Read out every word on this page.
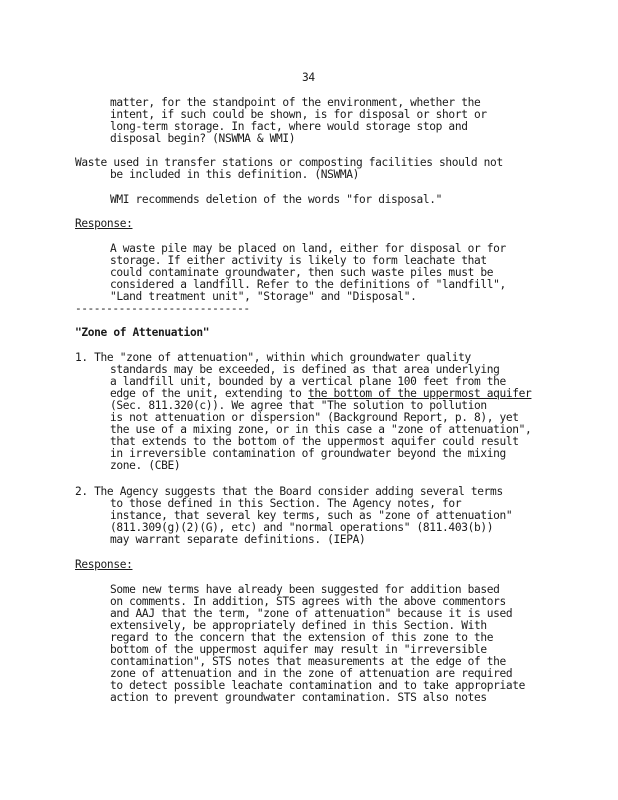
34
matter, for the standpoint of the environment, whether the
intent, if such could be shown, is for disposal or short or
long-term storage. In fact, where would storage stop and
disposal begin? (NSWMA & WMI)
Waste used in transfer stations or composting facilities should not
be included in this definition. (NSWMA)
WMI recommends deletion of the words "for disposal."
Response:
A waste pile may be placed on land, either for disposal or for
storage. If either activity is likely to form leachate that
could contaminate groundwater, then such waste piles must be
considered a landfill. Refer to the definitions of "landfill",
"Land treatment unit", "Storage" and "Disposal".
----------------------------
"Zone of Attenuation"
1. The "zone of attenuation", within which groundwater quality
standards may be exceeded, is defined as that area underlying
a landfill unit, bounded by a vertical plane 100 feet from the
edge of the unit, extending to the bottom of the uppermost aquifer
(Sec. 811.320(c)). We agree that "The solution to pollution
is not attenuation or dispersion" (Background Report, p. 8), yet
the use of a mixing zone, or in this case a "zone of attenuation",
that extends to the bottom of the uppermost aquifer could result
in irreversible contamination of groundwater beyond the mixing
zone. (CBE)
2. The Agency suggests that the Board consider adding several terms
to those defined in this Section. The Agency notes, for
instance, that several key terms, such as "zone of attenuation"
(811.309(g)(2)(G), etc) and "normal operations" (811.403(b))
may warrant separate definitions. (IEPA)
Response:
Some new terms have already been suggested for addition based
on comments. In addition, STS agrees with the above commentors
and AAJ that the term, "zone of attenuation" because it is used
extensively, be appropriately defined in this Section. With
regard to the concern that the extension of this zone to the
bottom of the uppermost aquifer may result in "irreversible
contamination", STS notes that measurements at the edge of the
zone of attenuation and in the zone of attenuation are required
to detect possible leachate contamination and to take appropriate
action to prevent groundwater contamination. STS also notes
